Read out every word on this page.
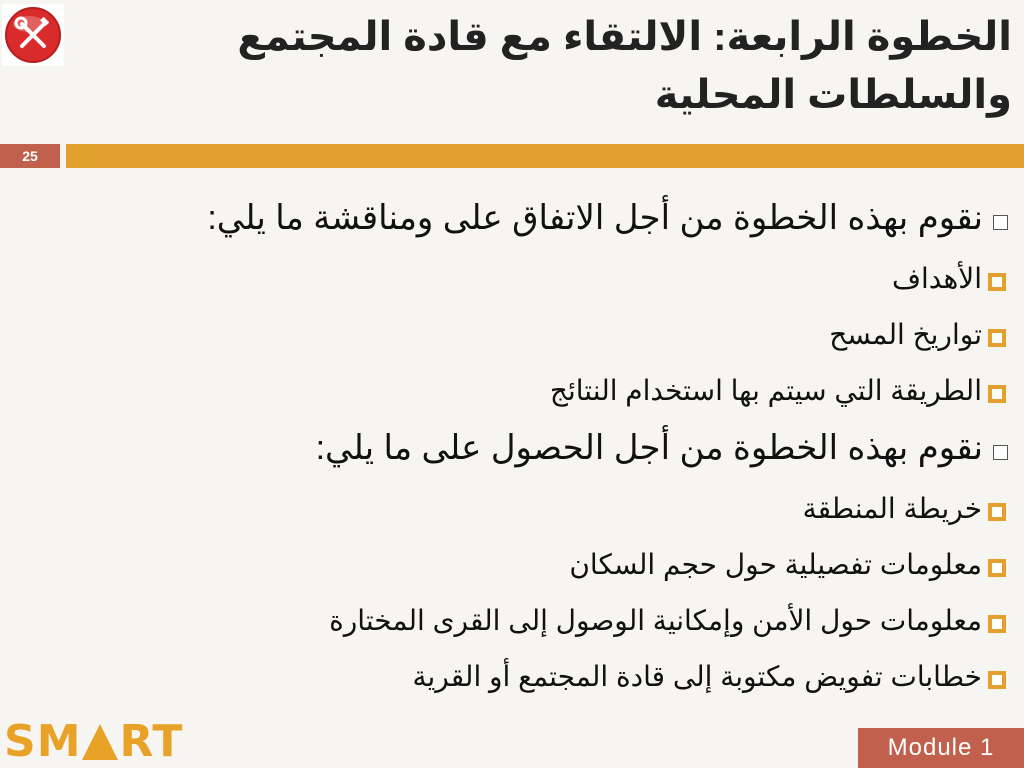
الخطوة الرابعة: الالتقاء مع قادة المجتمع والسلطات المحلية
25
نقوم بهذه الخطوة من أجل الاتفاق على ومناقشة ما يلي:
الأهداف
تواريخ المسح
الطريقة التي سيتم بها استخدام النتائج
نقوم بهذه الخطوة من أجل الحصول على ما يلي:
خريطة المنطقة
معلومات تفصيلية حول حجم السكان
معلومات حول الأمن وإمكانية الوصول إلى القرى المختارة
خطابات تفويض مكتوبة إلى قادة المجتمع أو القرية
SM RT	Module 1
